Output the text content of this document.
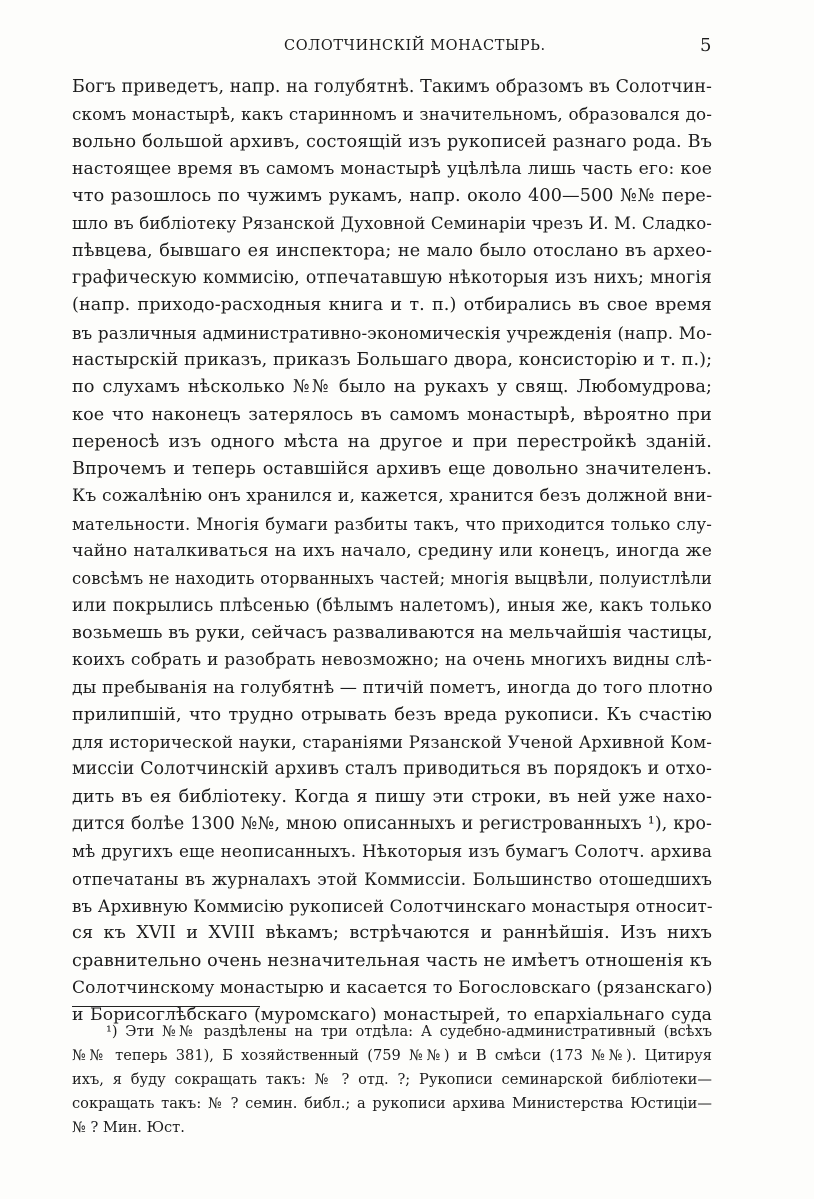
СОЛОТЧИНСКIЙ МОНАСТЫРЬ.	5
Богъ приведетъ, напр. на голубятнѣ. Такимъ образомъ въ Солотчин-
скомъ монастырѣ, какъ старинномъ и значительномъ, образовался до-
вольно большой архивъ, состоящiй изъ рукописей разнаго рода. Въ
настоящее время въ самомъ монастырѣ уцѣлѣла лишь часть его: кое
что разошлось по чужимъ рукамъ, напр. около 400—500 №№ пере-
шло въ библiотеку Рязанской Духовной Семинарiи чрезъ И. М. Сладко-
пѣвцева, бывшаго ея инспектора; не мало было отослано въ археo-
графическую коммисiю, отпечатавшую нѣкоторыя изъ нихъ; многiя
(напр. приходо-расходныя книга и т. п.) отбирались въ свое время
въ различныя административно-экономическiя учрежденiя (напр. Мо-
настырскiй приказъ, приказъ Большаго двора, консисторiю и т. п.);
по слухамъ нѣсколько №№ было на рукахъ у свящ. Любомудрова;
кое что наконецъ затерялось въ самомъ монастырѣ, вѣроятно при
переносѣ изъ одного мѣста на другое и при перестройкѣ зданiй.
Впрочемъ и теперь оставшiйся архивъ еще довольно значителенъ.
Къ сожалѣнiю онъ хранился и, кажется, хранится безъ должной вни-
мательности. Многiя бумаги разбиты такъ, что приходится только слу-
чайно наталкиваться на ихъ начало, средину или конецъ, иногда же
совсѣмъ не находить оторванныхъ частей; многiя выцвѣли, полуистлѣли
или покрылись плѣсенью (бѣлымъ налетомъ), иныя же, какъ только
возьмешь въ руки, сейчасъ разваливаются на мельчайшiя частицы,
коихъ собрать и разобрать невозможно; на очень многихъ видны слѣ-
ды пребыванiя на голубятнѣ — птичiй пометъ, иногда до того плотно
прилипшiй, что трудно отрывать безъ вреда рукописи. Къ счастiю
для исторической науки, старанiями Рязанской Ученой Архивной Ком-
миссiи Солотчинскiй архивъ сталъ приводиться въ порядокъ и отхо-
дить въ ея библiотеку. Когда я пишу эти строки, въ ней уже нахо-
дится болѣе 1300 №№, мною описанныхъ и регистрованныхъ ¹), кро-
мѣ другихъ еще неописанныхъ. Нѣкоторыя изъ бумагъ Солотч. архива
отпечатаны въ журналахъ этой Коммиссiи. Большинство отошедшихъ
въ Архивную Коммисiю рукописей Солотчинскаго монастыря относит-
ся къ XVII и XVIII вѣкамъ; встрѣчаются и раннѣйшiя. Изъ нихъ
сравнительно очень незначительная часть не имѣетъ отношенiя къ
Солотчинскому монастырю и касается то Богословскаго (рязанскаго)
и Борисоглѣбскаго (муромскаго) монастырей, то епархiальнаго суда
¹) Эти №№ раздѣлены на три отдѣла: А судебно-административный (всѣхъ
№№ теперь 381), Б хозяйственный (759 №№) и В смѣси (173 №№). Цитируя
ихъ, я буду сокращать такъ: № ? отд. ?; Рукописи семинарской библiотеки—
сокращать такъ: № ? семин. библ.; а рукописи архива Министерства Юстицiи—
№ ? Мин. Юст.
